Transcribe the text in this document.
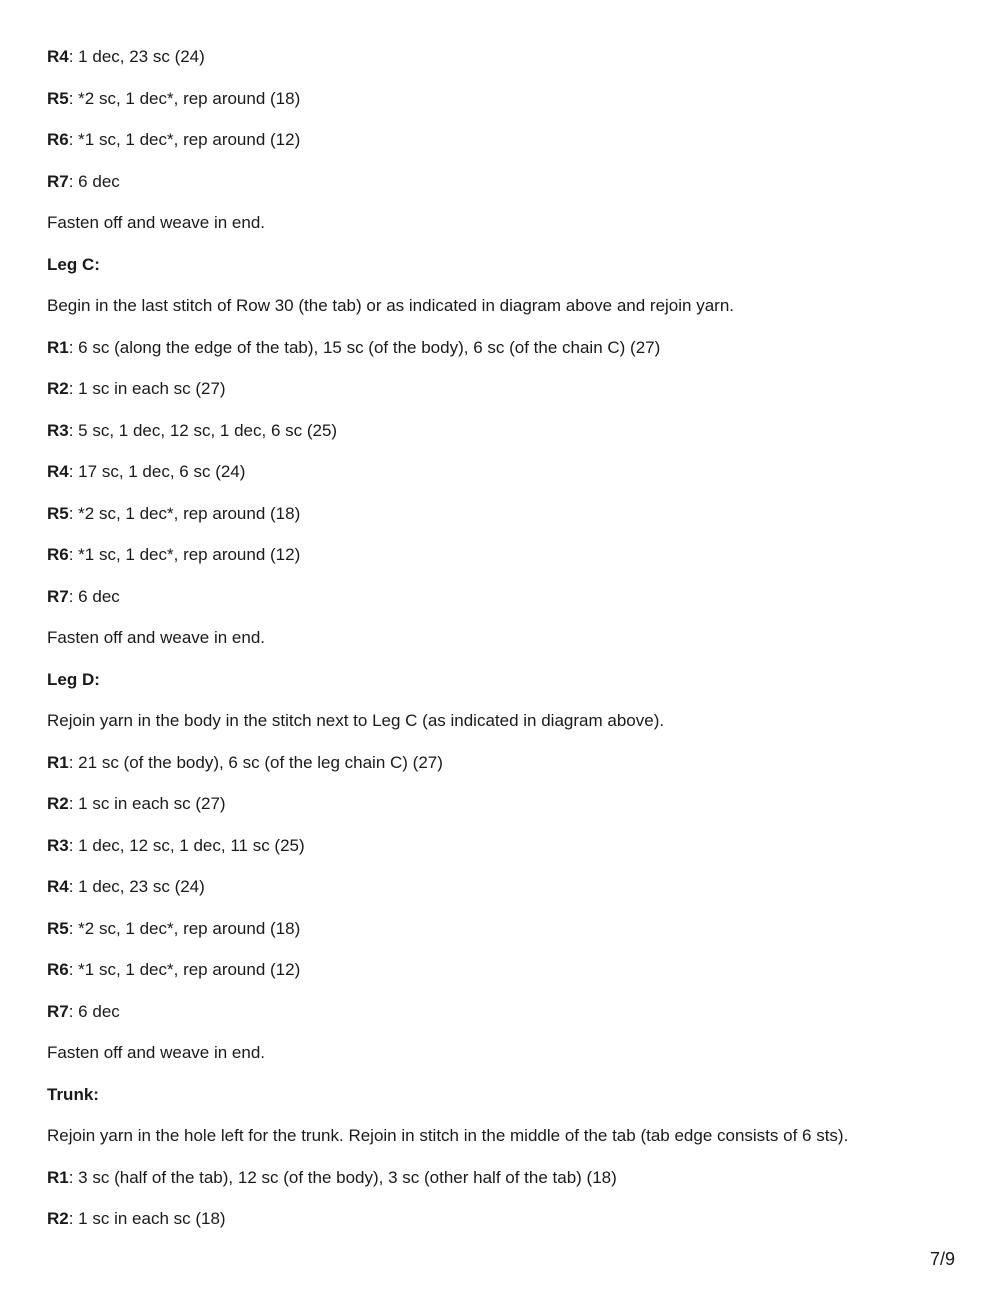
R4: 1 dec, 23 sc (24)
R5: *2 sc, 1 dec*, rep around (18)
R6: *1 sc, 1 dec*, rep around (12)
R7: 6 dec
Fasten off and weave in end.
Leg C:
Begin in the last stitch of Row 30 (the tab) or as indicated in diagram above and rejoin yarn.
R1: 6 sc (along the edge of the tab), 15 sc (of the body), 6 sc (of the chain C) (27)
R2: 1 sc in each sc (27)
R3: 5 sc, 1 dec, 12 sc, 1 dec, 6 sc (25)
R4: 17 sc, 1 dec, 6 sc (24)
R5: *2 sc, 1 dec*, rep around (18)
R6: *1 sc, 1 dec*, rep around (12)
R7: 6 dec
Fasten off and weave in end.
Leg D:
Rejoin yarn in the body in the stitch next to Leg C (as indicated in diagram above).
R1: 21 sc (of the body), 6 sc (of the leg chain C) (27)
R2: 1 sc in each sc (27)
R3: 1 dec, 12 sc, 1 dec, 11 sc (25)
R4: 1 dec, 23 sc (24)
R5: *2 sc, 1 dec*, rep around (18)
R6: *1 sc, 1 dec*, rep around (12)
R7: 6 dec
Fasten off and weave in end.
Trunk:
Rejoin yarn in the hole left for the trunk. Rejoin in stitch in the middle of the tab (tab edge consists of 6 sts).
R1: 3 sc (half of the tab), 12 sc (of the body), 3 sc (other half of the tab) (18)
R2: 1 sc in each sc (18)
7/9
